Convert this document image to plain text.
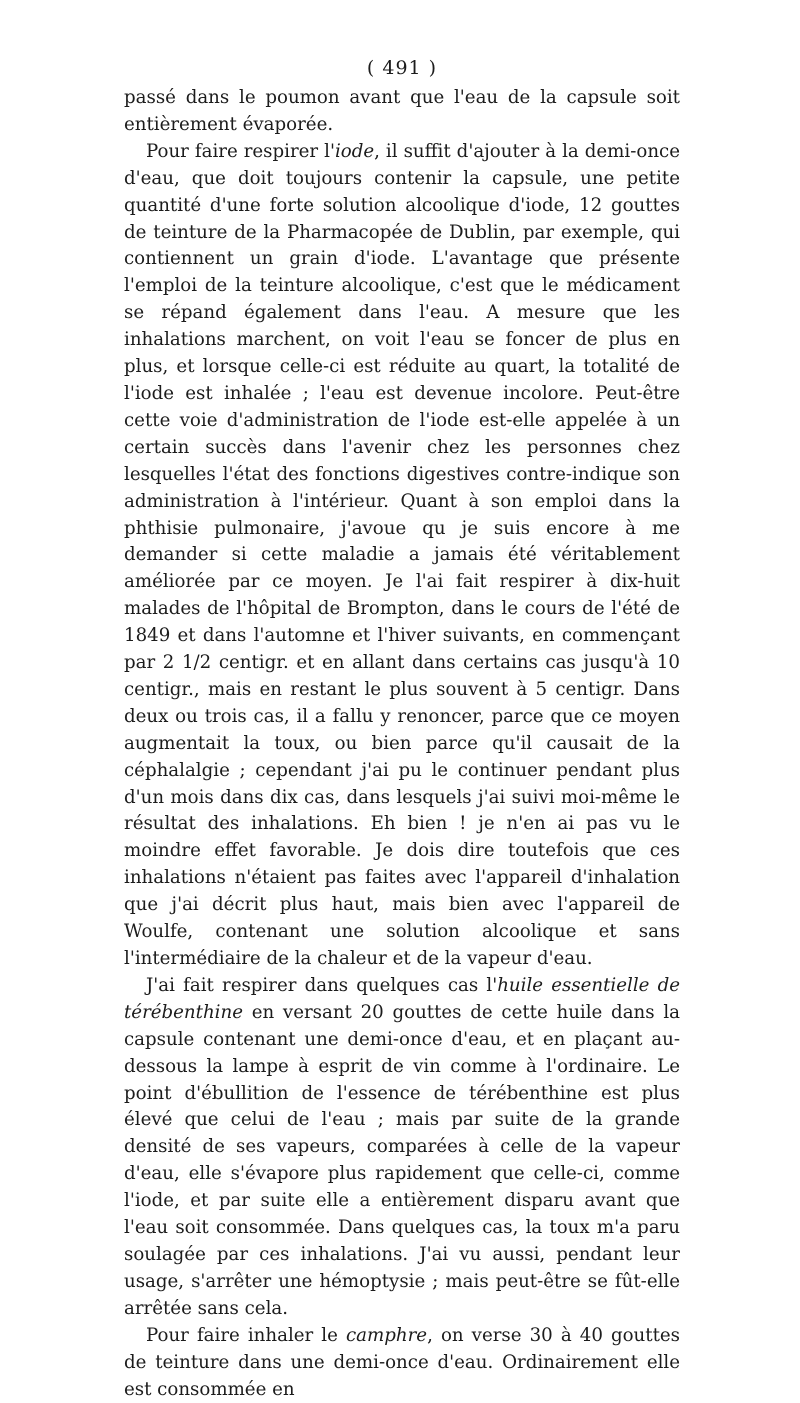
( 491 )

passé dans le poumon avant que l'eau de la capsule soit entièrement évaporée.

Pour faire respirer l'iode, il suffit d'ajouter à la demi-once d'eau, que doit toujours contenir la capsule, une petite quantité d'une forte solution alcoolique d'iode, 12 gouttes de teinture de la Pharmacopée de Dublin, par exemple, qui contiennent un grain d'iode. L'avantage que présente l'emploi de la teinture alcoolique, c'est que le médicament se répand également dans l'eau. A mesure que les inhalations marchent, on voit l'eau se foncer de plus en plus, et lorsque celle-ci est réduite au quart, la totalité de l'iode est inhalée ; l'eau est devenue incolore. Peut-être cette voie d'administration de l'iode est-elle appelée à un certain succès dans l'avenir chez les personnes chez lesquelles l'état des fonctions digestives contre-indique son administration à l'intérieur. Quant à son emploi dans la phthisie pulmonaire, j'avoue qu je suis encore à me demander si cette maladie a jamais été véritablement améliorée par ce moyen. Je l'ai fait respirer à dix-huit malades de l'hôpital de Brompton, dans le cours de l'été de 1849 et dans l'automne et l'hiver suivants, en commençant par 2 1/2 centigr. et en allant dans certains cas jusqu'à 10 centigr., mais en restant le plus souvent à 5 centigr. Dans deux ou trois cas, il a fallu y renoncer, parce que ce moyen augmentait la toux, ou bien parce qu'il causait de la céphalalgie ; cependant j'ai pu le continuer pendant plus d'un mois dans dix cas, dans lesquels j'ai suivi moi-même le résultat des inhalations. Eh bien ! je n'en ai pas vu le moindre effet favorable. Je dois dire toutefois que ces inhalations n'étaient pas faites avec l'appareil d'inhalation que j'ai décrit plus haut, mais bien avec l'appareil de Woulfe, contenant une solution alcoolique et sans l'intermédiaire de la chaleur et de la vapeur d'eau.

J'ai fait respirer dans quelques cas l'huile essentielle de térébenthine en versant 20 gouttes de cette huile dans la capsule contenant une demi-once d'eau, et en plaçant au-dessous la lampe à esprit de vin comme à l'ordinaire. Le point d'ébullition de l'essence de térébenthine est plus élevé que celui de l'eau ; mais par suite de la grande densité de ses vapeurs, comparées à celle de la vapeur d'eau, elle s'évapore plus rapidement que celle-ci, comme l'iode, et par suite elle a entièrement disparu avant que l'eau soit consommée. Dans quelques cas, la toux m'a paru soulagée par ces inhalations. J'ai vu aussi, pendant leur usage, s'arrêter une hémoptysie ; mais peut-être se fût-elle arrêtée sans cela.

Pour faire inhaler le camphre, on verse 30 à 40 gouttes de teinture dans une demi-once d'eau. Ordinairement elle est consommée en
